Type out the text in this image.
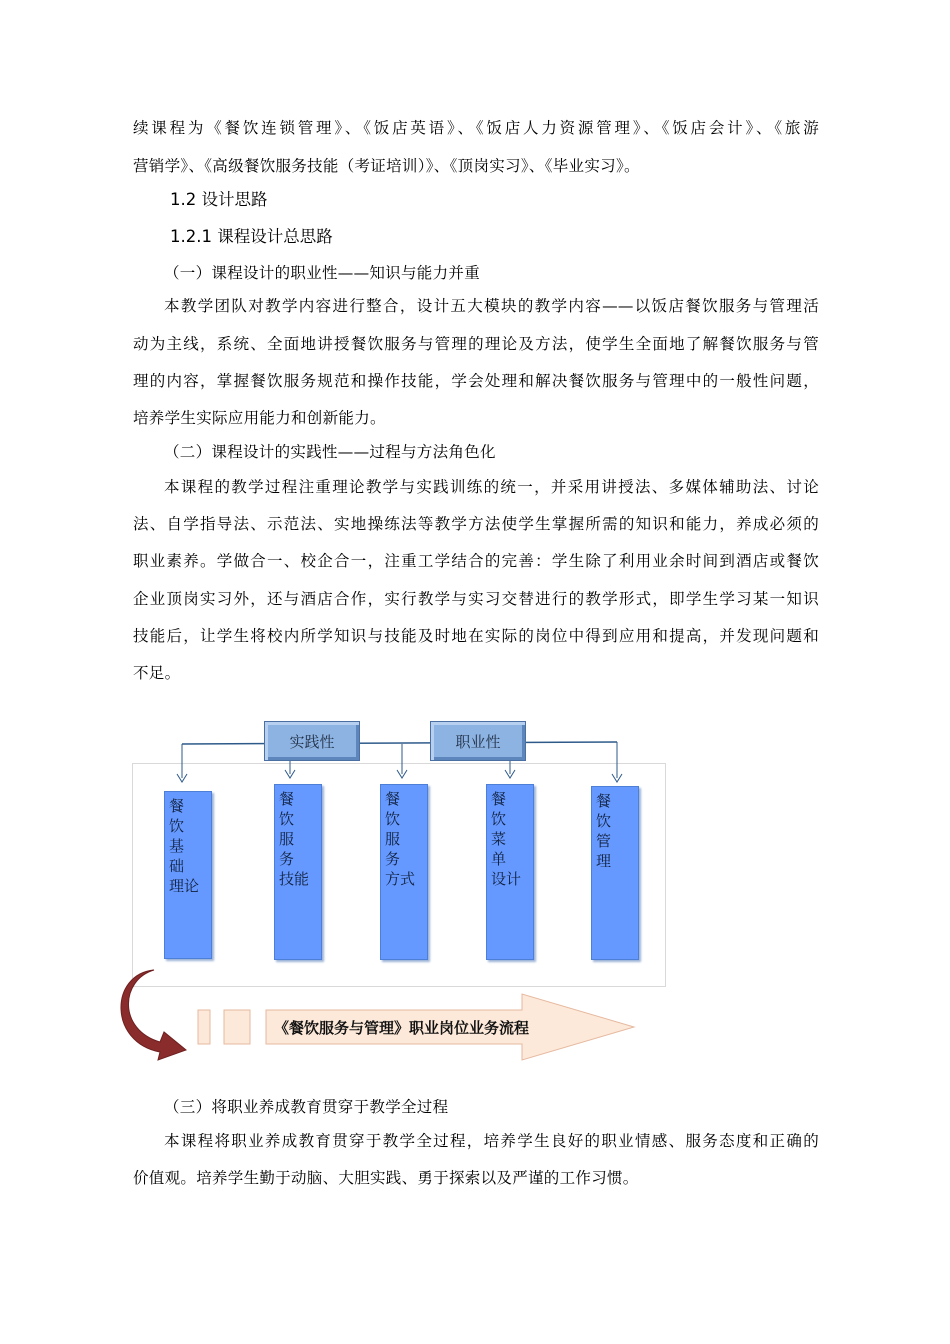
续课程为《餐饮连锁管理》、《饭店英语》、《饭店人力资源管理》、《饭店会计》、《旅游
营销学》、《高级餐饮服务技能（考证培训）》、《顶岗实习》、《毕业实习》。
1.2 设计思路
1.2.1 课程设计总思路
（一）课程设计的职业性——知识与能力并重
本教学团队对教学内容进行整合，设计五大模块的教学内容——以饭店餐饮服务与管理活
动为主线，系统、全面地讲授餐饮服务与管理的理论及方法，使学生全面地了解餐饮服务与管
理的内容，掌握餐饮服务规范和操作技能，学会处理和解决餐饮服务与管理中的一般性问题，
培养学生实际应用能力和创新能力。
（二）课程设计的实践性——过程与方法角色化
本课程的教学过程注重理论教学与实践训练的统一，并采用讲授法、多媒体辅助法、讨论
法、自学指导法、示范法、实地操练法等教学方法使学生掌握所需的知识和能力，养成必须的
职业素养。学做合一、校企合一，注重工学结合的完善：学生除了利用业余时间到酒店或餐饮
企业顶岗实习外，还与酒店合作，实行教学与实习交替进行的教学形式，即学生学习某一知识
技能后，让学生将校内所学知识与技能及时地在实际的岗位中得到应用和提高，并发现问题和
不足。
实践性	职业性
餐　饮
基　础
理论
餐　饮
服　务
技能
餐　饮
服　务
方式
餐　饮
菜　单
设计
餐
饮
管
理
《餐饮服务与管理》职业岗位业务流程
（三）将职业养成教育贯穿于教学全过程
本课程将职业养成教育贯穿于教学全过程，培养学生良好的职业情感、服务态度和正确的
价值观。培养学生勤于动脑、大胆实践、勇于探索以及严谨的工作习惯。
